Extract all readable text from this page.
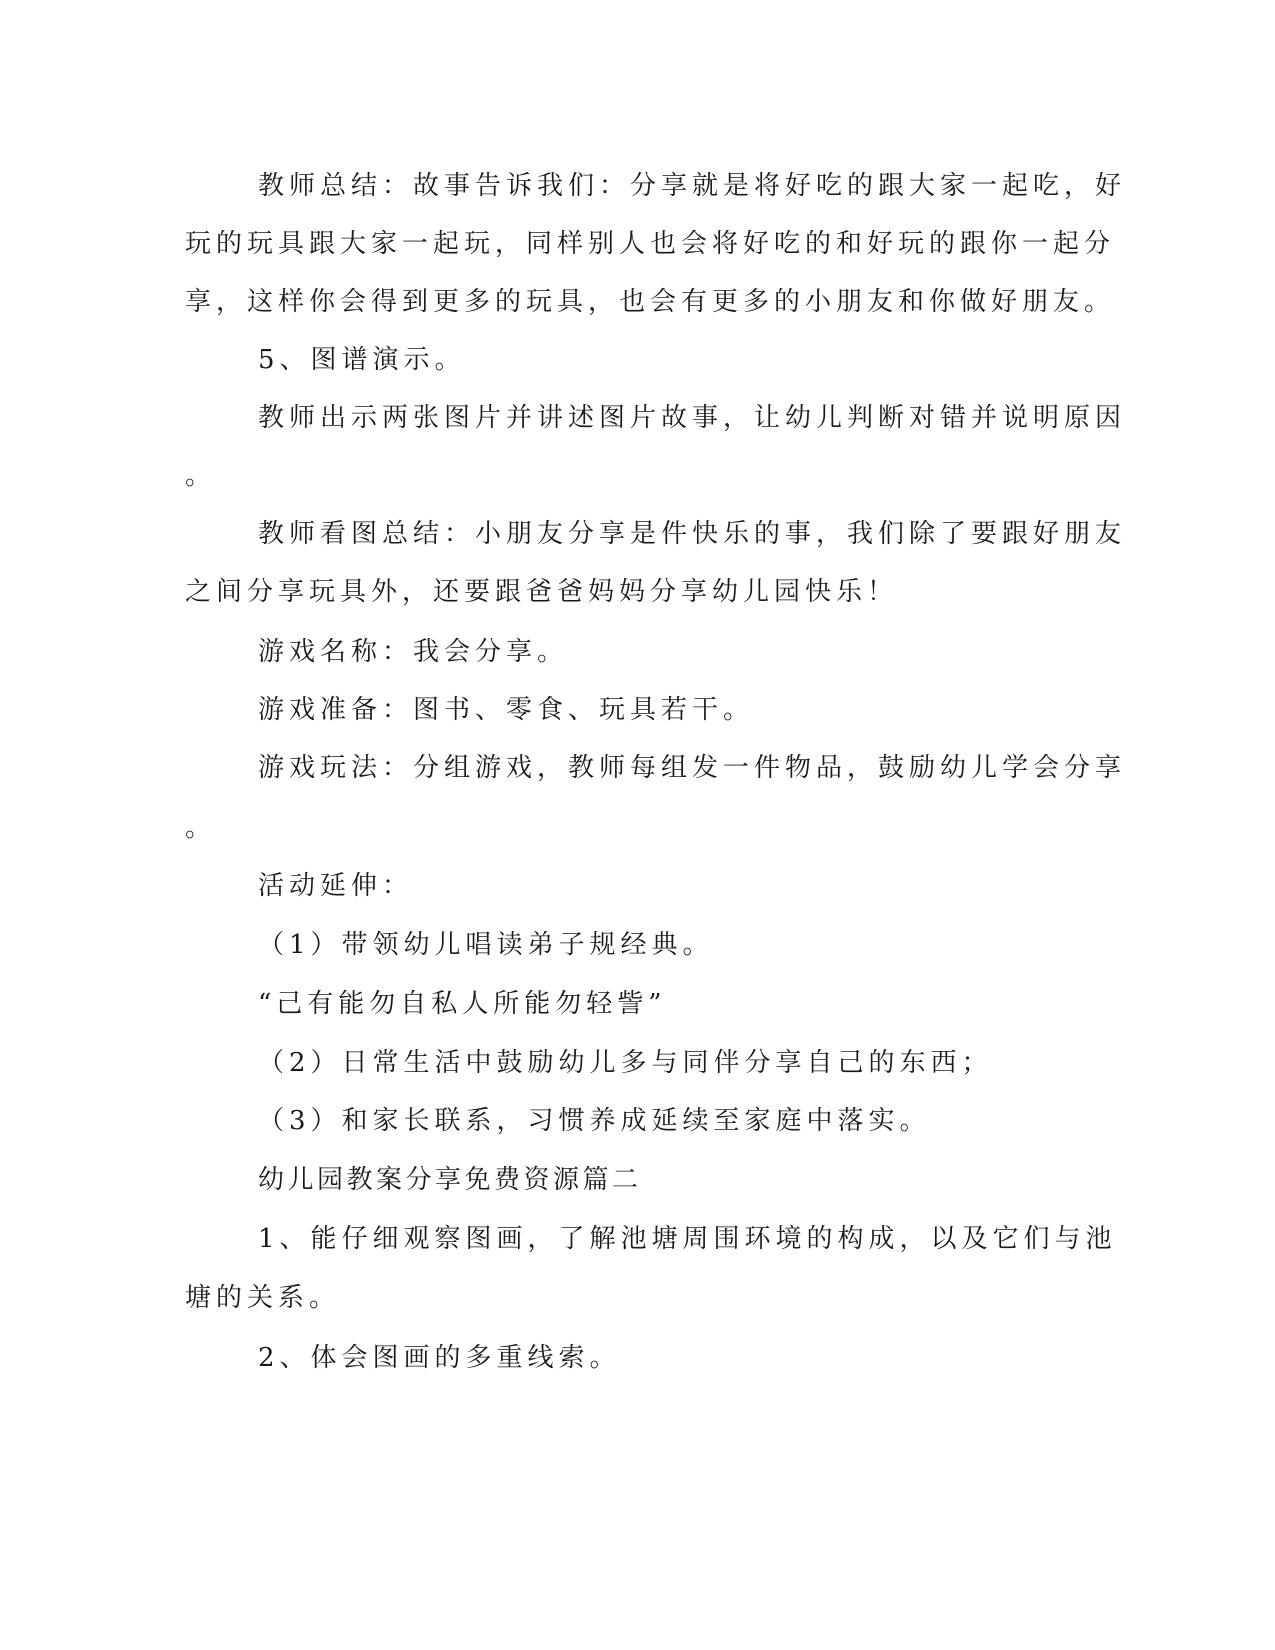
教师总结：故事告诉我们：分享就是将好吃的跟大家一起吃，好

玩的玩具跟大家一起玩，同样别人也会将好吃的和好玩的跟你一起分

享，这样你会得到更多的玩具，也会有更多的小朋友和你做好朋友。

5、图谱演示。

教师出示两张图片并讲述图片故事，让幼儿判断对错并说明原因

。

教师看图总结：小朋友分享是件快乐的事，我们除了要跟好朋友

之间分享玩具外，还要跟爸爸妈妈分享幼儿园快乐！

游戏名称：我会分享。

游戏准备：图书、零食、玩具若干。

游戏玩法：分组游戏，教师每组发一件物品，鼓励幼儿学会分享

。

活动延伸：

（1）带领幼儿唱读弟子规经典。

“己有能勿自私人所能勿轻訾”

（2）日常生活中鼓励幼儿多与同伴分享自己的东西；

（3）和家长联系，习惯养成延续至家庭中落实。

幼儿园教案分享免费资源篇二

1、能仔细观察图画，了解池塘周围环境的构成，以及它们与池

塘的关系。

2、体会图画的多重线索。
